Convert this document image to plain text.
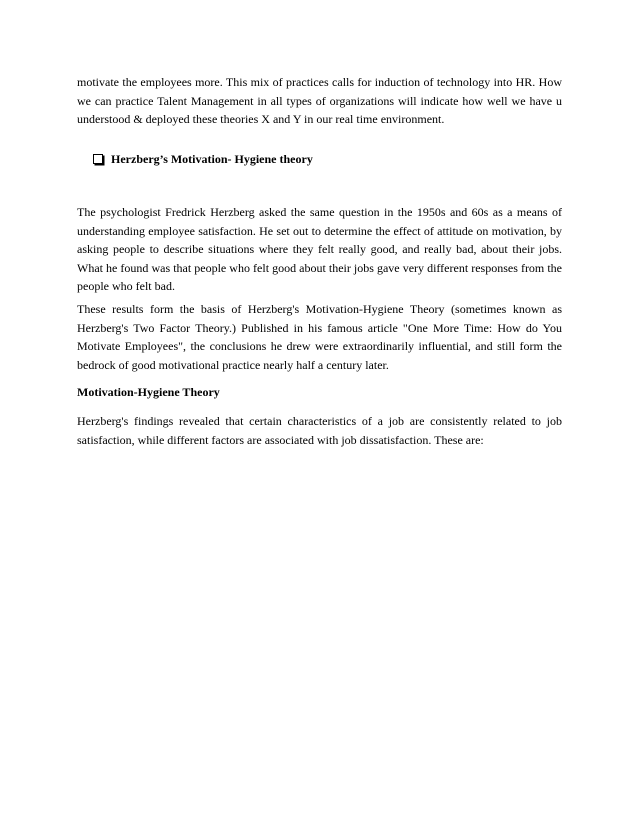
motivate the employees more. This mix of practices calls for induction of technology into HR. How we can practice Talent Management in all types of organizations will indicate how well we have u understood & deployed these theories X and Y in our real time environment.

Herzberg’s Motivation- Hygiene theory

The psychologist Fredrick Herzberg asked the same question in the 1950s and 60s as a means of understanding employee satisfaction. He set out to determine the effect of attitude on motivation, by asking people to describe situations where they felt really good, and really bad, about their jobs. What he found was that people who felt good about their jobs gave very different responses from the people who felt bad.

These results form the basis of Herzberg's Motivation-Hygiene Theory (sometimes known as Herzberg's Two Factor Theory.) Published in his famous article "One More Time: How do You Motivate Employees", the conclusions he drew were extraordinarily influential, and still form the bedrock of good motivational practice nearly half a century later.

Motivation-Hygiene Theory

Herzberg's findings revealed that certain characteristics of a job are consistently related to job satisfaction, while different factors are associated with job dissatisfaction. These are:
